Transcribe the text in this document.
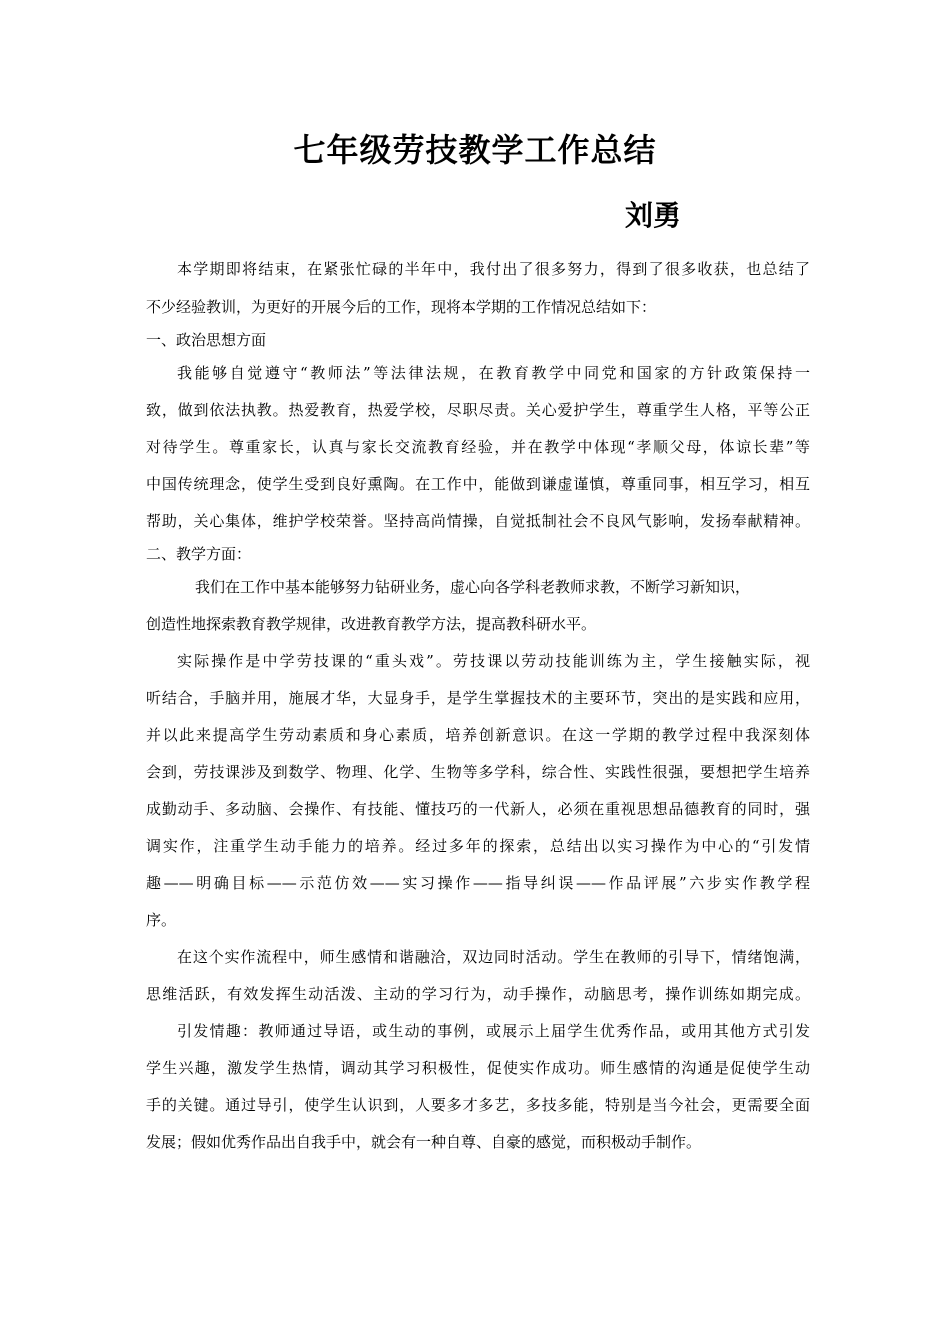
七年级劳技教学工作总结
刘勇
本学期即将结束，在紧张忙碌的半年中，我付出了很多努力，得到了很多收获，也总结了
不少经验教训，为更好的开展今后的工作，现将本学期的工作情况总结如下：
一、政治思想方面
我能够自觉遵守“教师法”等法律法规，在教育教学中同党和国家的方针政策保持一
致，做到依法执教。热爱教育，热爱学校，尽职尽责。关心爱护学生，尊重学生人格，平等公正
对待学生。尊重家长，认真与家长交流教育经验，并在教学中体现“孝顺父母，体谅长辈”等
中国传统理念，使学生受到良好熏陶。在工作中，能做到谦虚谨慎，尊重同事，相互学习，相互
帮助，关心集体，维护学校荣誉。坚持高尚情操，自觉抵制社会不良风气影响，发扬奉献精神。
二、教学方面：
我们在工作中基本能够努力钻研业务，虚心向各学科老教师求教，不断学习新知识，
创造性地探索教育教学规律，改进教育教学方法，提高教科研水平。
实际操作是中学劳技课的“重头戏”。劳技课以劳动技能训练为主，学生接触实际，视
听结合，手脑并用，施展才华，大显身手，是学生掌握技术的主要环节，突出的是实践和应用，
并以此来提高学生劳动素质和身心素质，培养创新意识。在这一学期的教学过程中我深刻体
会到，劳技课涉及到数学、物理、化学、生物等多学科，综合性、实践性很强，要想把学生培养
成勤动手、多动脑、会操作、有技能、懂技巧的一代新人，必须在重视思想品德教育的同时，强
调实作，注重学生动手能力的培养。经过多年的探索，总结出以实习操作为中心的“引发情
趣——明确目标——示范仿效——实习操作——指导纠误——作品评展”六步实作教学程
序。
在这个实作流程中，师生感情和谐融洽，双边同时活动。学生在教师的引导下，情绪饱满，
思维活跃，有效发挥生动活泼、主动的学习行为，动手操作，动脑思考，操作训练如期完成。
引发情趣：教师通过导语，或生动的事例，或展示上届学生优秀作品，或用其他方式引发
学生兴趣，激发学生热情，调动其学习积极性，促使实作成功。师生感情的沟通是促使学生动
手的关键。通过导引，使学生认识到，人要多才多艺，多技多能，特别是当今社会，更需要全面
发展；假如优秀作品出自我手中，就会有一种自尊、自豪的感觉，而积极动手制作。
